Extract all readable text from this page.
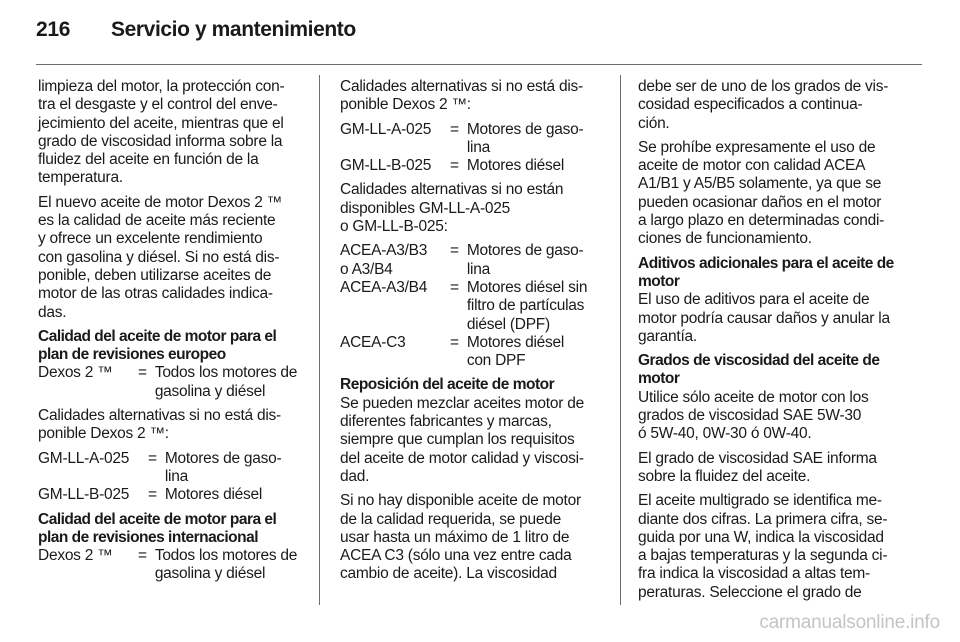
216 Servicio y mantenimiento

limpieza del motor, la protección con-
tra el desgaste y el control del enve-
jecimiento del aceite, mientras que el
grado de viscosidad informa sobre la
fluidez del aceite en función de la
temperatura.

El nuevo aceite de motor Dexos 2 ™
es la calidad de aceite más reciente
y ofrece un excelente rendimiento
con gasolina y diésel. Si no está dis-
ponible, deben utilizarse aceites de
motor de las otras calidades indica-
das.

Calidad del aceite de motor para el
plan de revisiones europeo

Dexos 2 ™	= Todos los motores de
gasolina y diésel

Calidades alternativas si no está dis-
ponible Dexos 2 ™:

GM-LL-A-025	= Motores de gaso-
lina
GM-LL-B-025	= Motores diésel

Calidad del aceite de motor para el
plan de revisiones internacional

Dexos 2 ™	= Todos los motores de
gasolina y diésel

Calidades alternativas si no está dis-
ponible Dexos 2 ™:

GM-LL-A-025	= Motores de gaso-
lina
GM-LL-B-025	= Motores diésel

Calidades alternativas si no están
disponibles GM-LL-A-025
o GM-LL-B-025:

ACEA-A3/B3
o A3/B4
= Motores de gaso-
lina
ACEA-A3/B4	= Motores diésel sin
filtro de partículas
diésel (DPF)
ACEA-C3	= Motores diésel
con DPF

Reposición del aceite de motor

Se pueden mezclar aceites motor de
diferentes fabricantes y marcas,
siempre que cumplan los requisitos
del aceite de motor calidad y viscosi-
dad.

Si no hay disponible aceite de motor
de la calidad requerida, se puede
usar hasta un máximo de 1 litro de
ACEA C3 (sólo una vez entre cada
cambio de aceite). La viscosidad

debe ser de uno de los grados de vis-
cosidad especificados a continua-
ción.

Se prohíbe expresamente el uso de
aceite de motor con calidad ACEA
A1/B1 y A5/B5 solamente, ya que se
pueden ocasionar daños en el motor
a largo plazo en determinadas condi-
ciones de funcionamiento.

Aditivos adicionales para el aceite de
motor

El uso de aditivos para el aceite de
motor podría causar daños y anular la
garantía.

Grados de viscosidad del aceite de
motor

Utilice sólo aceite de motor con los
grados de viscosidad SAE 5W-30
ó 5W-40, 0W-30 ó 0W-40.

El grado de viscosidad SAE informa
sobre la fluidez del aceite.

El aceite multigrado se identifica me-
diante dos cifras. La primera cifra, se-
guida por una W, indica la viscosidad
a bajas temperaturas y la segunda ci-
fra indica la viscosidad a altas tem-
peraturas. Seleccione el grado de

carmanualsonline.info
